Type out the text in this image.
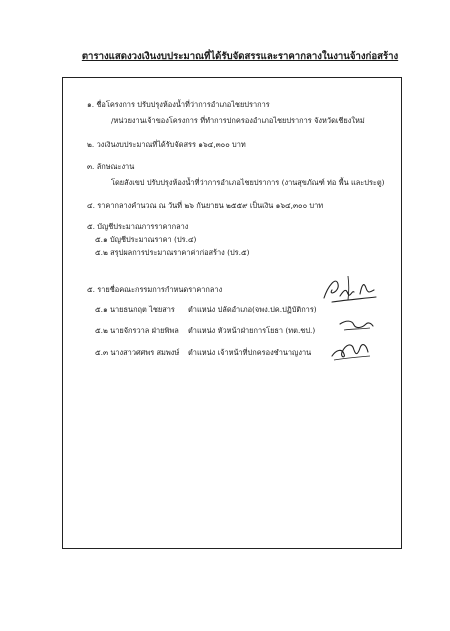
ตารางแสดงวงเงินงบประมาณที่ได้รับจัดสรรและราคากลางในงานจ้างก่อสร้าง
๑. ชื่อโครงการ ปรับปรุงห้องน้ำที่ว่าการอำเภอไชยปราการ
/หน่วยงานเจ้าของโครงการ ที่ทำการปกครองอำเภอไชยปราการ จังหวัดเชียงใหม่
๒. วงเงินงบประมาณที่ได้รับจัดสรร ๑๖๔,๓๐๐ บาท
๓. ลักษณะงาน
โดยสังเขป ปรับปรุงห้องน้ำที่ว่าการอำเภอไชยปราการ (งานสุขภัณฑ์ ท่อ พื้น และประตู)
๔. ราคากลางคำนวณ ณ วันที่ ๒๖ กันยายน ๒๕๕๙ เป็นเงิน ๑๖๔,๓๐๐ บาท
๕. บัญชีประมาณการราคากลาง
๕.๑ บัญชีประมาณราคา (ปร.๔)
๕.๒ สรุปผลการประมาณราคาค่าก่อสร้าง (ปร.๕)
๕. รายชื่อคณะกรรมการกำหนดราคากลาง
๕.๑ นายธนกฤต ไชยสาร ตำแหน่ง ปลัดอำเภอ(จพง.ปค.ปฏิบัติการ)
๕.๒ นายจักรวาล ฝ่ายพิพล ตำแหน่ง หัวหน้าฝ่ายการโยธา (ทต.ชป.)
๕.๓ นางสาวศศพร สมพงษ์ ตำแหน่ง เจ้าหน้าที่ปกครองชำนาญงาน
